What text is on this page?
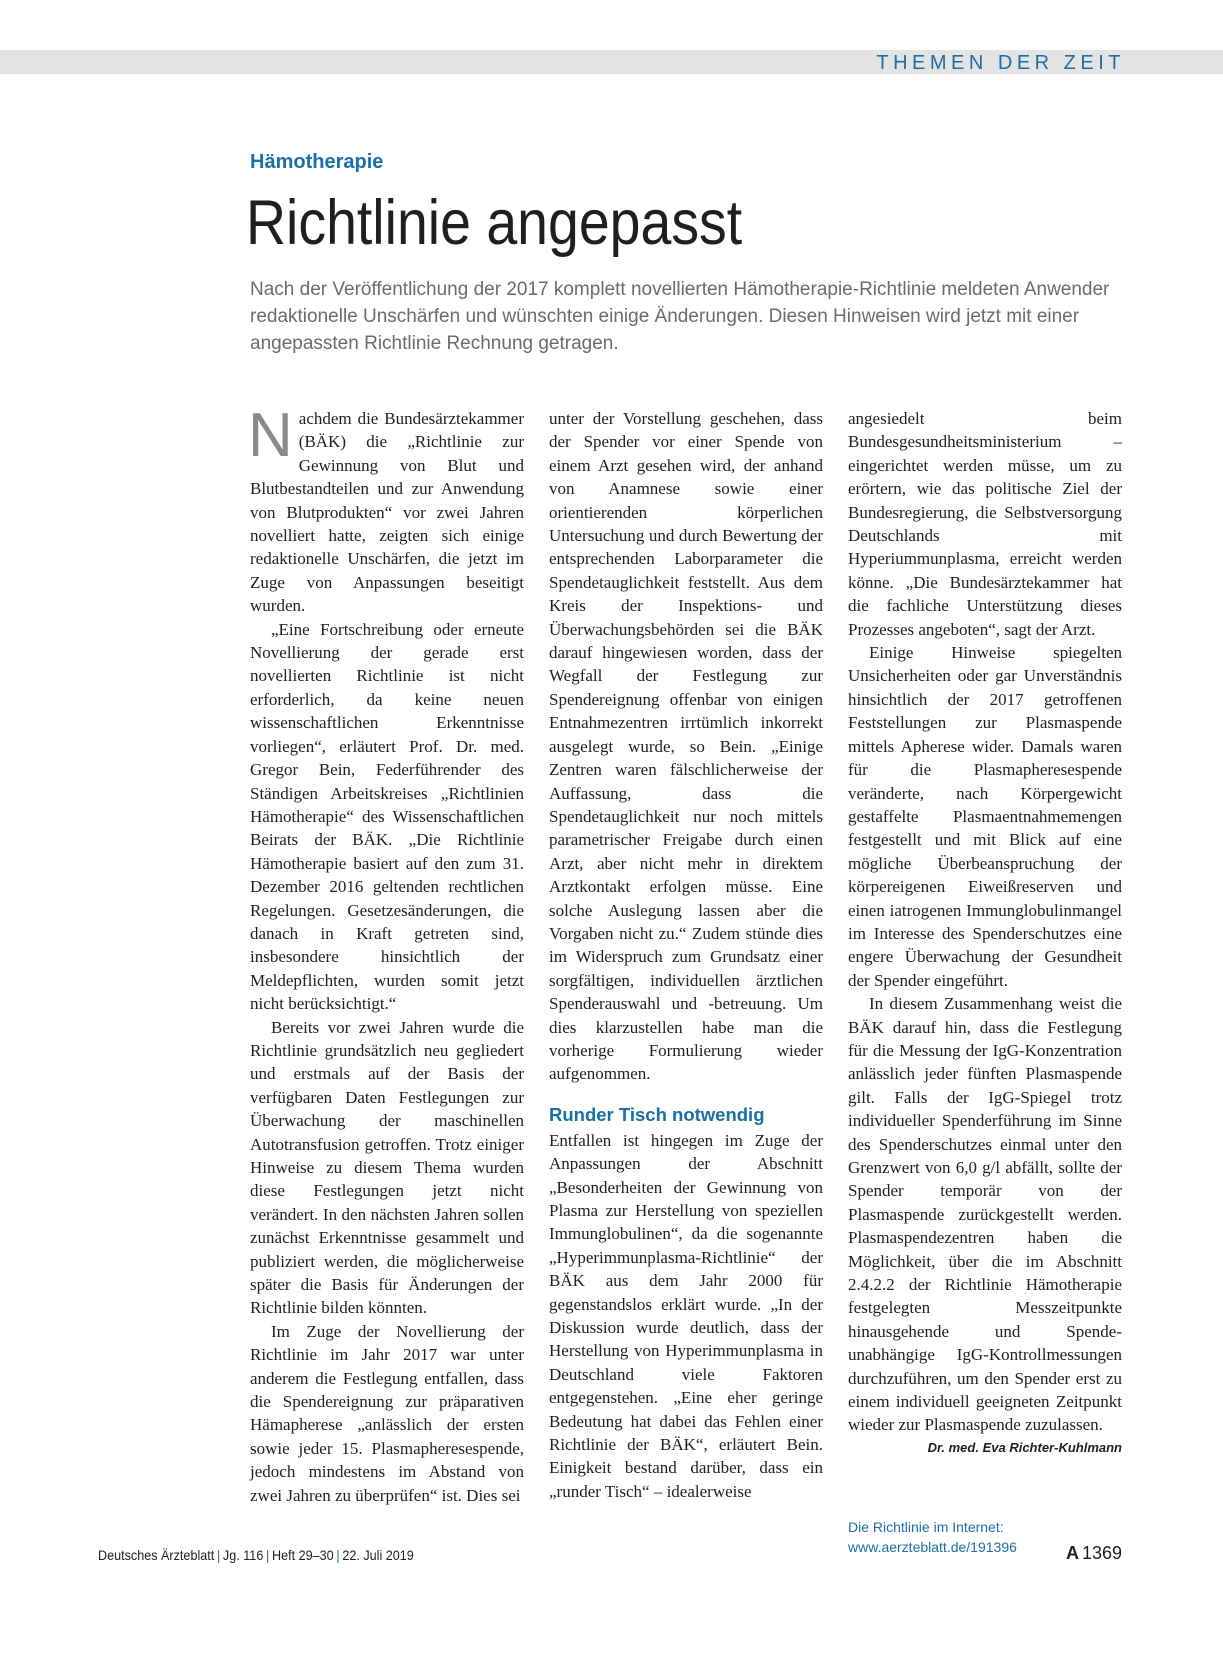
THEMEN DER ZEIT
Hämotherapie
Richtlinie angepasst

Nach der Veröffentlichung der 2017 komplett novellierten Hämotherapie-Richtlinie meldeten Anwender redaktionelle Unschärfen und wünschten einige Änderungen. Diesen Hinweisen wird jetzt mit einer angepassten Richtlinie Rechnung getragen.

N achdem die Bundesärztekammer (BÄK) die „Richtlinie zur Gewinnung von Blut und Blutbestandteilen und zur Anwendung von Blutprodukten“ vor zwei Jahren novelliert hatte, zeigten sich einige redaktionelle Unschärfen, die jetzt im Zuge von Anpassungen beseitigt wurden.

„Eine Fortschreibung oder erneute Novellierung der gerade erst novellierten Richtlinie ist nicht erforderlich, da keine neuen wissenschaftlichen Erkenntnisse vorliegen“, erläutert Prof. Dr. med. Gregor Bein, Federführender des Ständigen Arbeitskreises „Richtlinien Hämotherapie“ des Wissenschaftlichen Beirats der BÄK. „Die Richtlinie Hämotherapie basiert auf den zum 31. Dezember 2016 geltenden rechtlichen Regelungen. Gesetzesänderungen, die danach in Kraft getreten sind, insbesondere hinsichtlich der Meldepflichten, wurden somit jetzt nicht berücksichtigt.“

Bereits vor zwei Jahren wurde die Richtlinie grundsätzlich neu gegliedert und erstmals auf der Basis der verfügbaren Daten Festlegungen zur Überwachung der maschinellen Autotransfusion getroffen. Trotz einiger Hinweise zu diesem Thema wurden diese Festlegungen jetzt nicht verändert. In den nächsten Jahren sollen zunächst Erkenntnisse gesammelt und publiziert werden, die möglicherweise später die Basis für Änderungen der Richtlinie bilden könnten.

Im Zuge der Novellierung der Richtlinie im Jahr 2017 war unter anderem die Festlegung entfallen, dass die Spendereignung zur präparativen Hämapherese „anlässlich der ersten sowie jeder 15. Plasmapheresespende, jedoch mindestens im Abstand von zwei Jahren zu überprüfen“ ist. Dies sei

unter der Vorstellung geschehen, dass der Spender vor einer Spende von einem Arzt gesehen wird, der anhand von Anamnese sowie einer orientierenden körperlichen Untersuchung und durch Bewertung der entsprechenden Laborparameter die Spendetauglichkeit feststellt. Aus dem Kreis der Inspektions- und Überwachungsbehörden sei die BÄK darauf hingewiesen worden, dass der Wegfall der Festlegung zur Spendereignung offenbar von einigen Entnahmezentren irrtümlich inkorrekt ausgelegt wurde, so Bein. „Einige Zentren waren fälschlicherweise der Auffassung, dass die Spendetauglichkeit nur noch mittels parametrischer Freigabe durch einen Arzt, aber nicht mehr in direktem Arztkontakt erfolgen müsse. Eine solche Auslegung lassen aber die Vorgaben nicht zu.“ Zudem stünde dies im Widerspruch zum Grundsatz einer sorgfältigen, individuellen ärztlichen Spenderauswahl und -betreuung. Um dies klarzustellen habe man die vorherige Formulierung wieder aufgenommen.

Runder Tisch notwendig

Entfallen ist hingegen im Zuge der Anpassungen der Abschnitt „Besonderheiten der Gewinnung von Plasma zur Herstellung von speziellen Immunglobulinen“, da die sogenannte „Hyperimmunplasma-Richtlinie“ der BÄK aus dem Jahr 2000 für gegenstandslos erklärt wurde. „In der Diskussion wurde deutlich, dass der Herstellung von Hyperimmunplasma in Deutschland viele Faktoren entgegenstehen. „Eine eher geringe Bedeutung hat dabei das Fehlen einer Richtlinie der BÄK“, erläutert Bein. Einigkeit bestand darüber, dass ein „runder Tisch“ – idealerweise

angesiedelt beim Bundesgesundheitsministerium – eingerichtet werden müsse, um zu erörtern, wie das politische Ziel der Bundesregierung, die Selbstversorgung Deutschlands mit Hyperiummunplasma, erreicht werden könne. „Die Bundesärztekammer hat die fachliche Unterstützung dieses Prozesses angeboten“, sagt der Arzt.

Einige Hinweise spiegelten Unsicherheiten oder gar Unverständnis hinsichtlich der 2017 getroffenen Feststellungen zur Plasmaspende mittels Apherese wider. Damals waren für die Plasmapheresespende veränderte, nach Körpergewicht gestaffelte Plasmaentnahmemengen festgestellt und mit Blick auf eine mögliche Überbeanspruchung der körpereigenen Eiweißreserven und einen iatrogenen Immunglobulinmangel im Interesse des Spenderschutzes eine engere Überwachung der Gesundheit der Spender eingeführt.

In diesem Zusammenhang weist die BÄK darauf hin, dass die Festlegung für die Messung der IgG-Konzentration anlässlich jeder fünften Plasmaspende gilt. Falls der IgG-Spiegel trotz individueller Spenderführung im Sinne des Spenderschutzes einmal unter den Grenzwert von 6,0 g/l abfällt, sollte der Spender temporär von der Plasmaspende zurückgestellt werden. Plasmaspendezentren haben die Möglichkeit, über die im Abschnitt 2.4.2.2 der Richtlinie Hämotherapie festgelegten Messzeitpunkte hinausgehende und Spende-unabhängige IgG-Kontrollmessungen durchzuführen, um den Spender erst zu einem individuell geeigneten Zeitpunkt wieder zur Plasmaspende zuzulassen.

Dr. med. Eva Richter-Kuhlmann
Die Richtlinie im Internet:
www.aerzteblatt.de/191396
Deutsches Ärzteblatt | Jg. 116 | Heft 29–30 | 22. Juli 2019	A 1369
